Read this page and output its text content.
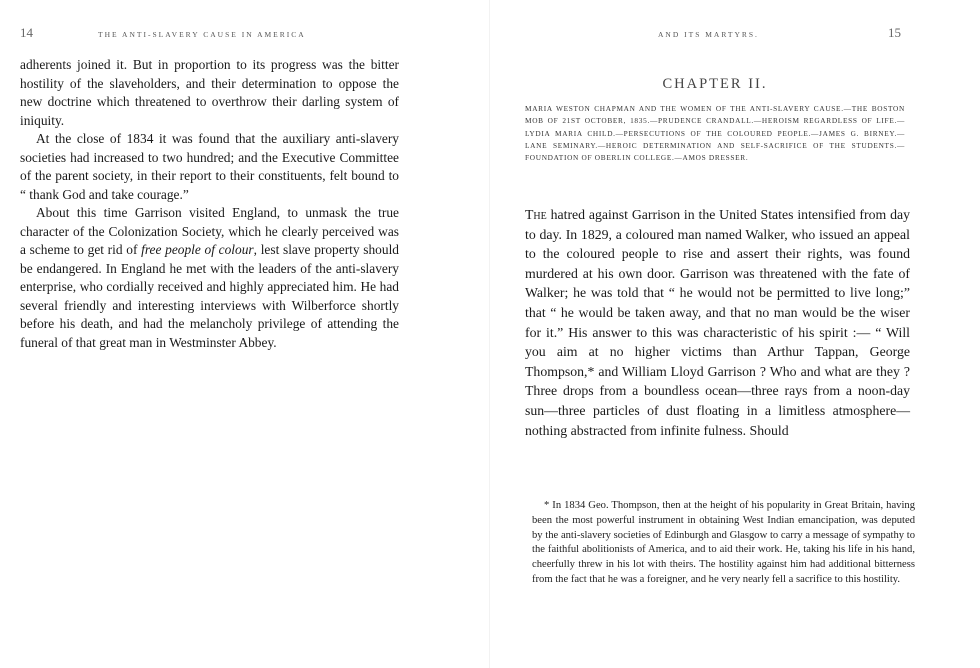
14	THE ANTI-SLAVERY CAUSE IN AMERICA

adherents joined it. But in proportion to its progress was the bitter hostility of the slaveholders, and their determination to oppose the new doctrine which threatened to overthrow their darling system of iniquity.

At the close of 1834 it was found that the auxiliary anti-slavery societies had increased to two hundred; and the Executive Committee of the parent society, in their report to their constituents, felt bound to “ thank God and take courage.”

About this time Garrison visited England, to unmask the true character of the Colonization Society, which he clearly perceived was a scheme to get rid of free people of colour, lest slave property should be endangered. In England he met with the leaders of the anti-slavery enterprise, who cordially received and highly appreciated him. He had several friendly and interesting interviews with Wilberforce shortly before his death, and had the melancholy privilege of attending the funeral of that great man in Westminster Abbey.

AND ITS MARTYRS.	15
CHAPTER II.
MARIA WESTON CHAPMAN AND THE WOMEN OF THE ANTI-SLAVERY CAUSE.—THE BOSTON MOB OF 21ST OCTOBER, 1835.—PRUDENCE CRANDALL.—HEROISM REGARDLESS OF LIFE.—LYDIA MARIA CHILD.—PERSECUTIONS OF THE COLOURED PEOPLE.—JAMES G. BIRNEY.—LANE SEMINARY.—HEROIC DETERMINATION AND SELF-SACRIFICE OF THE STUDENTS.—FOUNDATION OF OBERLIN COLLEGE.—AMOS DRESSER.

The hatred against Garrison in the United States intensified from day to day. In 1829, a coloured man named Walker, who issued an appeal to the coloured people to rise and assert their rights, was found murdered at his own door. Garrison was threatened with the fate of Walker; he was told that “ he would not be permitted to live long;” that “ he would be taken away, and that no man would be the wiser for it.” His answer to this was characteristic of his spirit :— “ Will you aim at no higher victims than Arthur Tappan, George Thompson,* and William Lloyd Garrison ? Who and what are they ? Three drops from a boundless ocean—three rays from a noon-day sun—three particles of dust floating in a limitless atmosphere—nothing abstracted from infinite fulness. Should

* In 1834 Geo. Thompson, then at the height of his popularity in Great Britain, having been the most powerful instrument in obtaining West Indian emancipation, was deputed by the anti-slavery societies of Edinburgh and Glasgow to carry a message of sympathy to the faithful abolitionists of America, and to aid their work. He, taking his life in his hand, cheerfully threw in his lot with theirs. The hostility against him had additional bitterness from the fact that he was a foreigner, and he very nearly fell a sacrifice to this hostility.
